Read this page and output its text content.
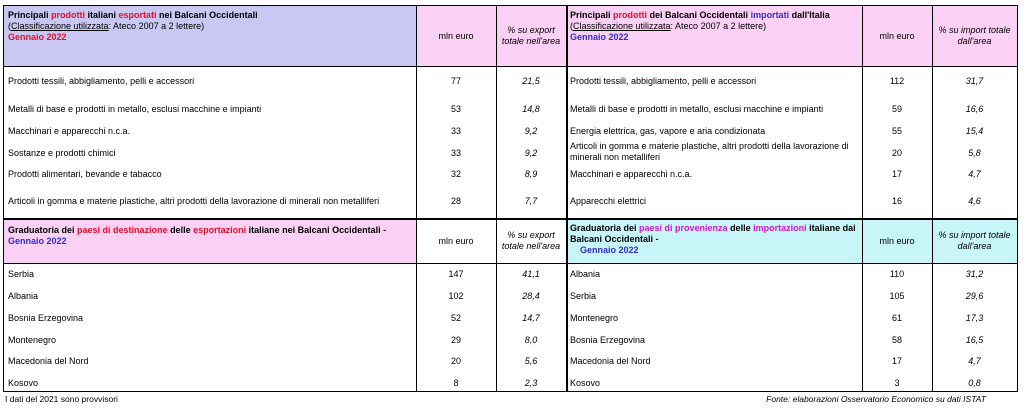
Principali prodotti italiani esportati nei Balcani Occidentali
(Classificazione utilizzata: Ateco 2007 a 2 lettere)
Gennaio 2022	mln euro
% su export
totale nell'area
Principali prodotti dei Balcani Occidentali importati dall'Italia
(Classificazione utilizzata: Ateco 2007 a 2 lettere)
Gennaio 2022	mln euro
% su import totale
dall'area
Prodotti tessili, abbigliamento, pelli e accessori	77	21,5
Metalli di base e prodotti in metallo, esclusi macchine e impianti	53	14,8
Macchinari e apparecchi n.c.a.	33	9,2
Sostanze e prodotti chimici	33	9,2
Prodotti alimentari, bevande e tabacco	32	8,9
Articoli in gomma e materie plastiche, altri prodotti della lavorazione di minerali non metalliferi	28	7,7
Prodotti tessili, abbigliamento, pelli e accessori	112	31,7
Metalli di base e prodotti in metallo, esclusi macchine e impianti	59	16,6
Energia elettrica, gas, vapore e aria condizionata	55	15,4
Articoli in gomma e materie plastiche, altri prodotti della lavorazione di minerali non metalliferi	20	5,8
Macchinari e apparecchi n.c.a.	17	4,7
Apparecchi elettrici	16	4,6
Graduatoria dei paesi di destinazione delle esportazioni italiane nei Balcani Occidentali -
Gennaio 2022	mln euro
% su export
totale nell'area
Graduatoria dei paesi di provenienza delle importazioni italiane dai Balcani Occidentali -
Gennaio 2022
mln euro
% su import totale
dall'area
Serbia	147	41,1
Albania	102	28,4
Bosnia Erzegovina	52	14,7
Montenegro	29	8,0
Macedonia del Nord	20	5,6
Kosovo	8	2,3
Albania	110	31,2
Serbia	105	29,6
Montenegro	61	17,3
Bosnia Erzegovina	58	16,5
Macedonia del Nord	17	4,7
Kosovo	3	0,8
I dati del 2021 sono provvisori	Fonte: elaborazioni Osservatorio Economico su dati ISTAT
